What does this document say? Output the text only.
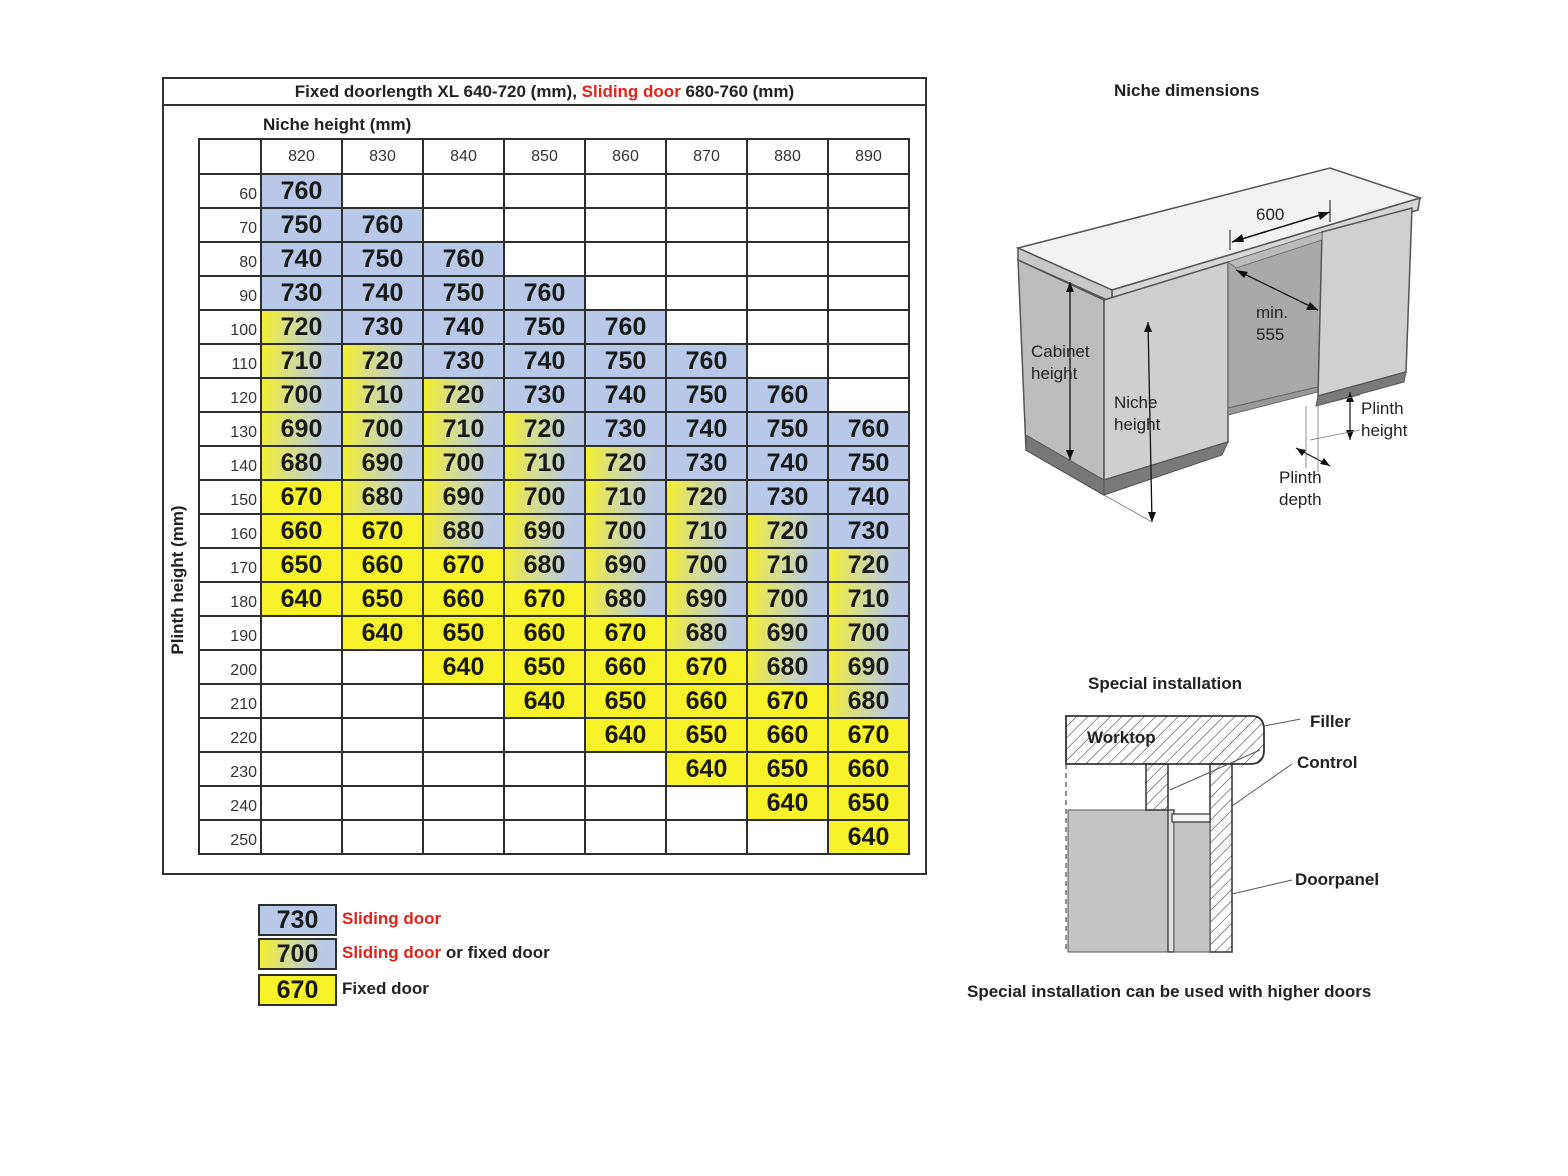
Fixed doorlength XL 640-720 (mm), Sliding door 680-760 (mm)
Niche height (mm)
Plinth height (mm)
	820	830	840	850	860	870	880	890
60	760							
70	750	760						
80	740	750	760					
90	730	740	750	760				
100	720	730	740	750	760			
110	710	720	730	740	750	760		
120	700	710	720	730	740	750	760	
130	690	700	710	720	730	740	750	760
140	680	690	700	710	720	730	740	750
150	670	680	690	700	710	720	730	740
160	660	670	680	690	700	710	720	730
170	650	660	670	680	690	700	710	720
180	640	650	660	670	680	690	700	710
190		640	650	660	670	680	690	700
200			640	650	660	670	680	690
210				640	650	660	670	680
220					640	650	660	670
230						640	650	660
240							640	650
250								640
730	Sliding door
700	Sliding door or fixed door
670	Fixed door
Niche dimensions
600
min.
555
Cabinet
height
Niche
height
Plinth
height
Plinth
depth
Special installation
Worktop
Filler
Control
Doorpanel
Special installation can be used with higher doors
